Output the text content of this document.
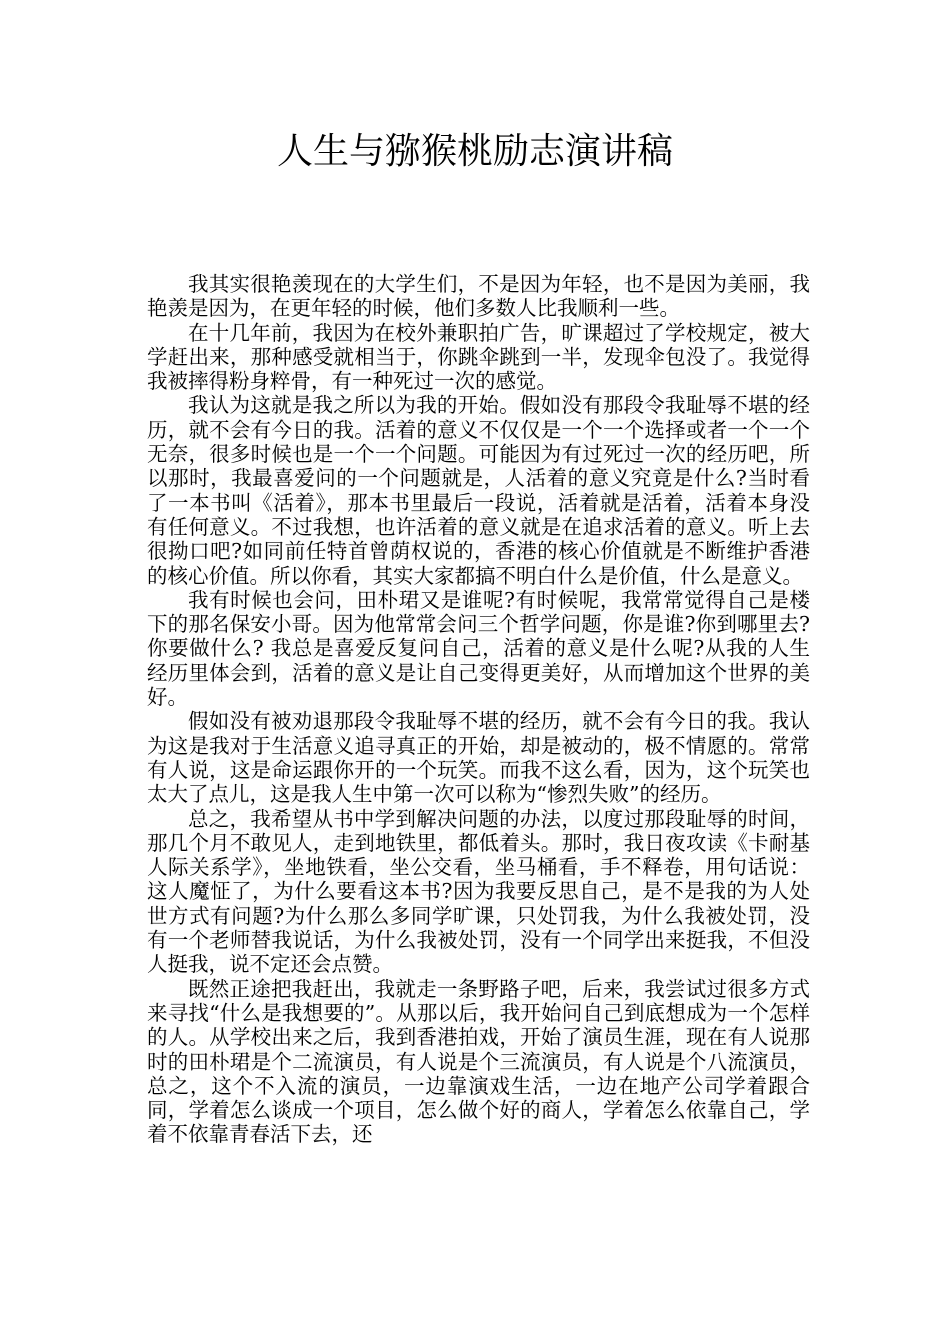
人生与猕猴桃励志演讲稿

我其实很艳羡现在的大学生们，不是因为年轻，也不是因为美丽，我艳羡是因为，在更年轻的时候，他们多数人比我顺利一些。

在十几年前，我因为在校外兼职拍广告，旷课超过了学校规定，被大学赶出来，那种感受就相当于，你跳伞跳到一半，发现伞包没了。我觉得我被摔得粉身粹骨，有一种死过一次的感觉。

我认为这就是我之所以为我的开始。假如没有那段令我耻辱不堪的经历，就不会有今日的我。活着的意义不仅仅是一个一个选择或者一个一个无奈，很多时候也是一个一个问题。可能因为有过死过一次的经历吧，所以那时，我最喜爱问的一个问题就是，人活着的意义究竟是什么?当时看了一本书叫《活着》，那本书里最后一段说，活着就是活着，活着本身没有任何意义。不过我想，也许活着的意义就是在追求活着的意义。听上去很拗口吧?如同前任特首曾荫权说的，香港的核心价值就是不断维护香港的核心价值。所以你看，其实大家都搞不明白什么是价值，什么是意义。

我有时候也会问，田朴珺又是谁呢?有时候呢，我常常觉得自己是楼下的那名保安小哥。因为他常常会问三个哲学问题，你是谁?你到哪里去?你要做什么? 我总是喜爱反复问自己，活着的意义是什么呢?从我的人生经历里体会到，活着的意义是让自己变得更美好，从而增加这个世界的美好。

假如没有被劝退那段令我耻辱不堪的经历，就不会有今日的我。我认为这是我对于生活意义追寻真正的开始，却是被动的，极不情愿的。常常有人说，这是命运跟你开的一个玩笑。而我不这么看，因为，这个玩笑也太大了点儿，这是我人生中第一次可以称为“惨烈失败”的经历。

总之，我希望从书中学到解决问题的办法，以度过那段耻辱的时间，那几个月不敢见人，走到地铁里，都低着头。那时，我日夜攻读《卡耐基人际关系学》，坐地铁看，坐公交看，坐马桶看，手不释卷，用句话说：这人魔怔了，为什么要看这本书?因为我要反思自己，是不是我的为人处世方式有问题?为什么那么多同学旷课，只处罚我，为什么我被处罚，没有一个老师替我说话，为什么我被处罚，没有一个同学出来挺我，不但没人挺我，说不定还会点赞。

既然正途把我赶出，我就走一条野路子吧，后来，我尝试过很多方式来寻找“什么是我想要的”。从那以后，我开始问自己到底想成为一个怎样的人。从学校出来之后，我到香港拍戏，开始了演员生涯，现在有人说那时的田朴珺是个二流演员，有人说是个三流演员，有人说是个八流演员，总之，这个不入流的演员，一边靠演戏生活，一边在地产公司学着跟合同，学着怎么谈成一个项目，怎么做个好的商人，学着怎么依靠自己，学着不依靠青春活下去，还
